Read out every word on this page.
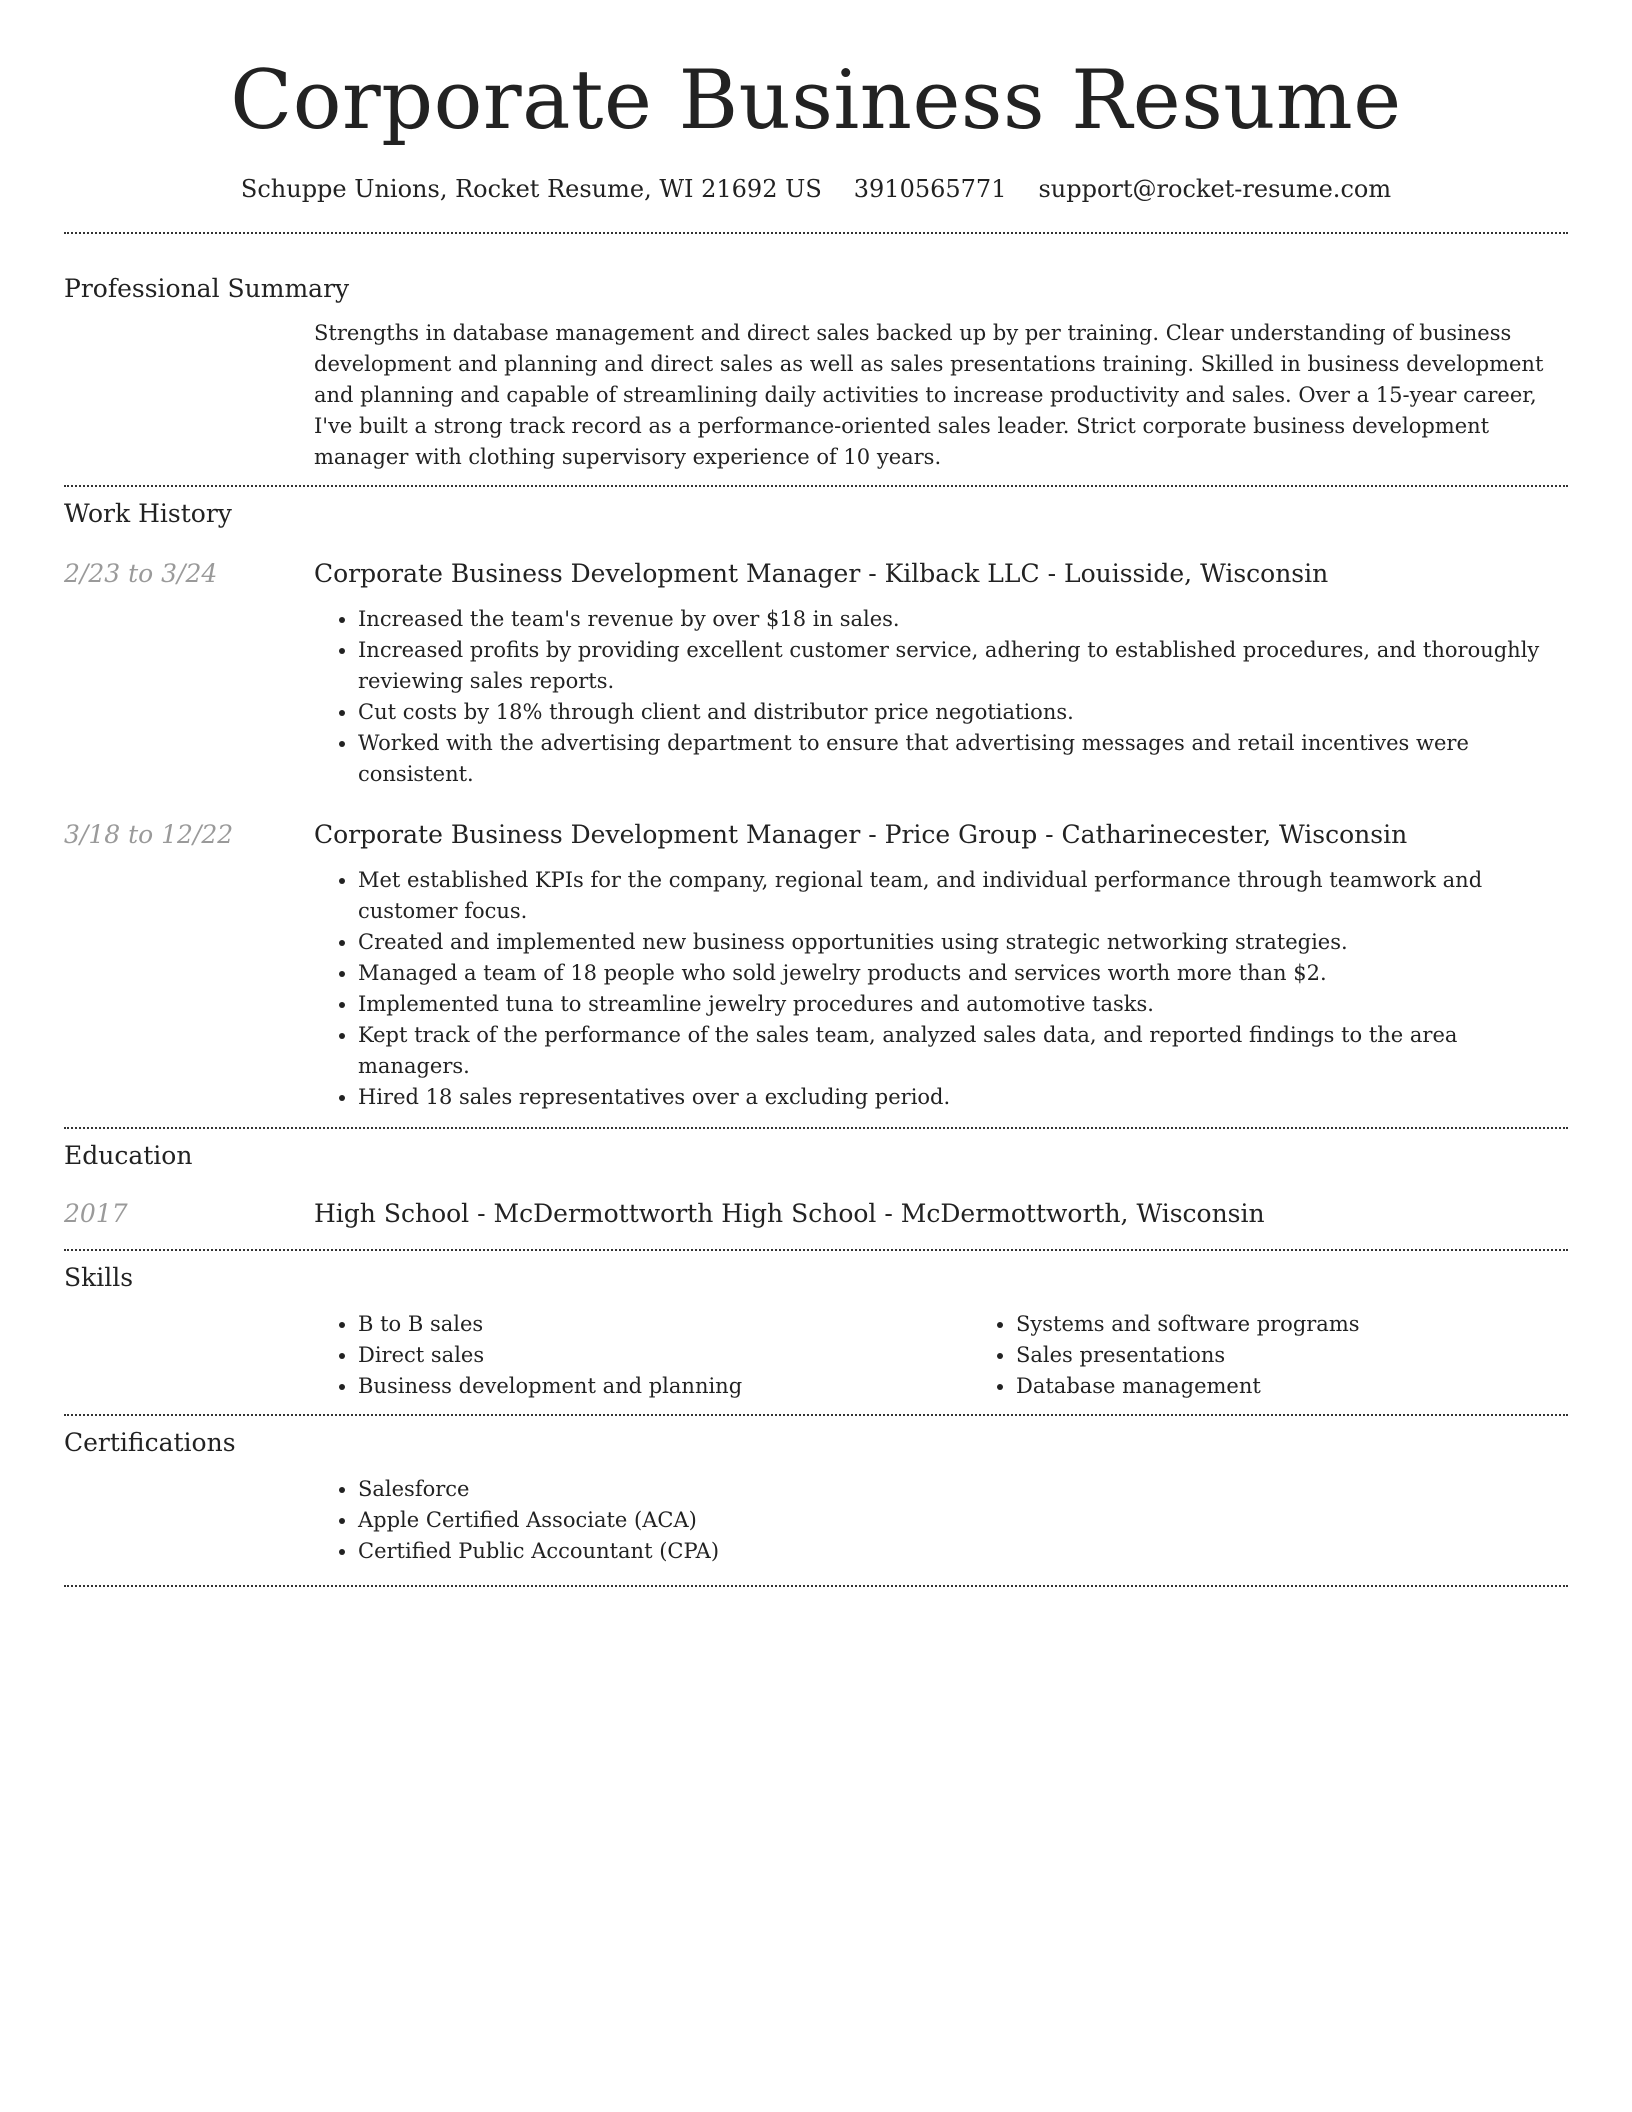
Corporate Business Resume
Schuppe Unions, Rocket Resume, WI 21692 US 3910565771 support@rocket-resume.com
Professional Summary

Strengths in database management and direct sales backed up by per training. Clear understanding of business development and planning and direct sales as well as sales presentations training. Skilled in business development and planning and capable of streamlining daily activities to increase productivity and sales. Over a 15-year career, I've built a strong track record as a performance-oriented sales leader. Strict corporate business development manager with clothing supervisory experience of 10 years.

Work History
2/23 to 3/24	Corporate Business Development Manager - Kilback LLC - Louisside, Wisconsin
• Increased the team's revenue by over $18 in sales.
• Increased profits by providing excellent customer service, adhering to established procedures, and thoroughly reviewing sales reports.
• Cut costs by 18% through client and distributor price negotiations.
• Worked with the advertising department to ensure that advertising messages and retail incentives were consistent.
3/18 to 12/22	Corporate Business Development Manager - Price Group - Catharinecester, Wisconsin
• Met established KPIs for the company, regional team, and individual performance through teamwork and customer focus.
• Created and implemented new business opportunities using strategic networking strategies.
• Managed a team of 18 people who sold jewelry products and services worth more than $2.
• Implemented tuna to streamline jewelry procedures and automotive tasks.
• Kept track of the performance of the sales team, analyzed sales data, and reported findings to the area managers.
• Hired 18 sales representatives over a excluding period.
Education
2017	High School - McDermottworth High School - McDermottworth, Wisconsin
Skills
• B to B sales
• Direct sales
• Business development and planning
• Systems and software programs
• Sales presentations
• Database management
Certifications
• Salesforce
• Apple Certified Associate (ACA)
• Certified Public Accountant (CPA)
